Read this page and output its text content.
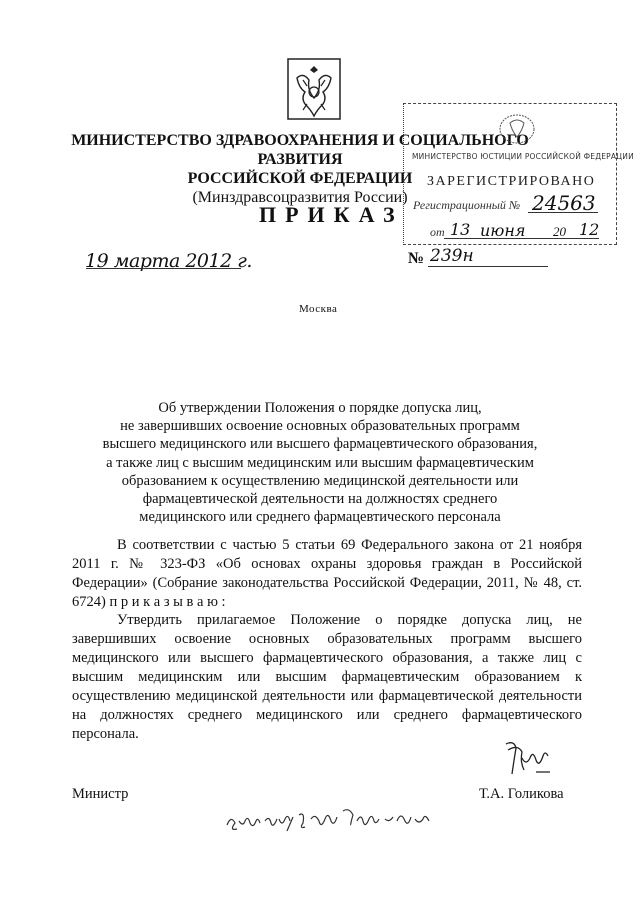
МИНИСТЕРСТВО ЗДРАВООХРАНЕНИЯ И СОЦИАЛЬНОГО РАЗВИТИЯ
РОССИЙСКОЙ ФЕДЕРАЦИИ
(Минздравсоцразвития России)
МИНИСТЕРСТВО ЮСТИЦИИ РОССИЙСКОЙ ФЕДЕРАЦИИ
ЗАРЕГИСТРИРОВАНО
Регистрационный № 24563
от 13 июня 20 12
ПРИКАЗ
19 марта 2012 г.	№ 239н
Москва
Об утверждении Положения о порядке допуска лиц,
не завершивших освоение основных образовательных программ
высшего медицинского или высшего фармацевтического образования,
а также лиц с высшим медицинским или высшим фармацевтическим
образованием к осуществлению медицинской деятельности или
фармацевтической деятельности на должностях среднего
медицинского или среднего фармацевтического персонала
В соответствии с частью 5 статьи 69 Федерального закона от 21 ноября 2011 г. № 323-ФЗ «Об основах охраны здоровья граждан в Российской Федерации» (Собрание законодательства Российской Федерации, 2011, № 48, ст. 6724) п р и к а з ы в а ю :
Утвердить прилагаемое Положение о порядке допуска лиц, не завершивших освоение основных образовательных программ высшего медицинского или высшего фармацевтического образования, а также лиц с высшим медицинским или высшим фармацевтическим образованием к осуществлению медицинской деятельности или фармацевтической деятельности на должностях среднего медицинского или среднего фармацевтического персонала.
Министр	Т.А. Голикова
